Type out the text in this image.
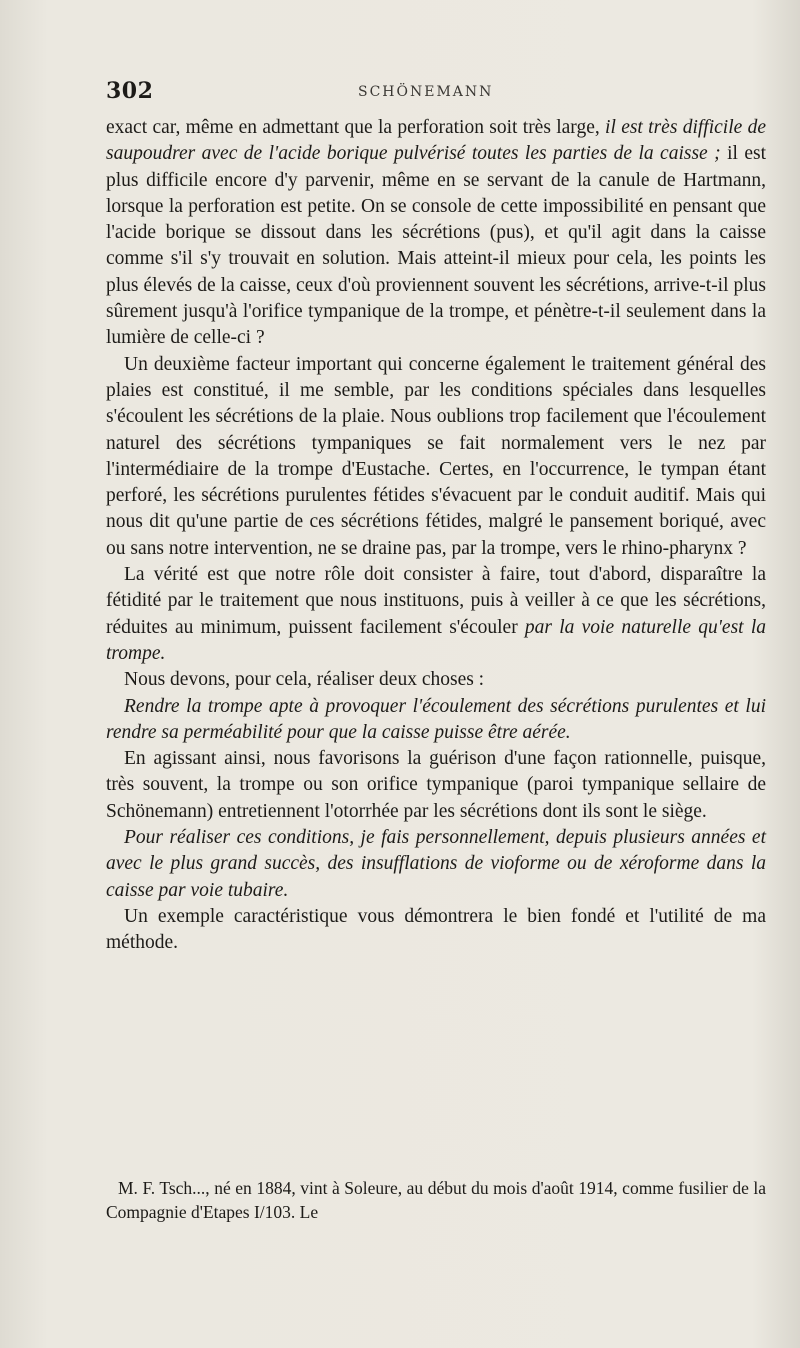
302	SCHÖNEMANN

exact car, même en admettant que la perforation soit très large, il est très difficile de saupoudrer avec de l'acide borique pulvérisé toutes les parties de la caisse ; il est plus difficile encore d'y parvenir, même en se servant de la canule de Hartmann, lorsque la perforation est petite. On se console de cette impossibilité en pensant que l'acide borique se dissout dans les sécrétions (pus), et qu'il agit dans la caisse comme s'il s'y trouvait en solution. Mais atteint-il mieux pour cela, les points les plus élevés de la caisse, ceux d'où proviennent souvent les sécrétions, arrive-t-il plus sûrement jusqu'à l'orifice tympanique de la trompe, et pénètre-t-il seulement dans la lumière de celle-ci ?

Un deuxième facteur important qui concerne également le traitement général des plaies est constitué, il me semble, par les conditions spéciales dans lesquelles s'écoulent les sécrétions de la plaie. Nous oublions trop facilement que l'écoulement naturel des sécrétions tympaniques se fait normalement vers le nez par l'intermédiaire de la trompe d'Eustache. Certes, en l'occurrence, le tympan étant perforé, les sécrétions purulentes fétides s'évacuent par le conduit auditif. Mais qui nous dit qu'une partie de ces sécrétions fétides, malgré le pansement boriqué, avec ou sans notre intervention, ne se draine pas, par la trompe, vers le rhino-pharynx ?

La vérité est que notre rôle doit consister à faire, tout d'abord, disparaître la fétidité par le traitement que nous instituons, puis à veiller à ce que les sécrétions, réduites au minimum, puissent facilement s'écouler par la voie naturelle qu'est la trompe.

Nous devons, pour cela, réaliser deux choses :

Rendre la trompe apte à provoquer l'écoulement des sécrétions purulentes et lui rendre sa perméabilité pour que la caisse puisse être aérée.

En agissant ainsi, nous favorisons la guérison d'une façon rationnelle, puisque, très souvent, la trompe ou son orifice tympanique (paroi tympanique sellaire de Schönemann) entretiennent l'otorrhée par les sécrétions dont ils sont le siège.

Pour réaliser ces conditions, je fais personnellement, depuis plusieurs années et avec le plus grand succès, des insufflations de vioforme ou de xéroforme dans la caisse par voie tubaire.

Un exemple caractéristique vous démontrera le bien fondé et l'utilité de ma méthode.

M. F. Tsch..., né en 1884, vint à Soleure, au début du mois d'août 1914, comme fusilier de la Compagnie d'Etapes I/103. Le
